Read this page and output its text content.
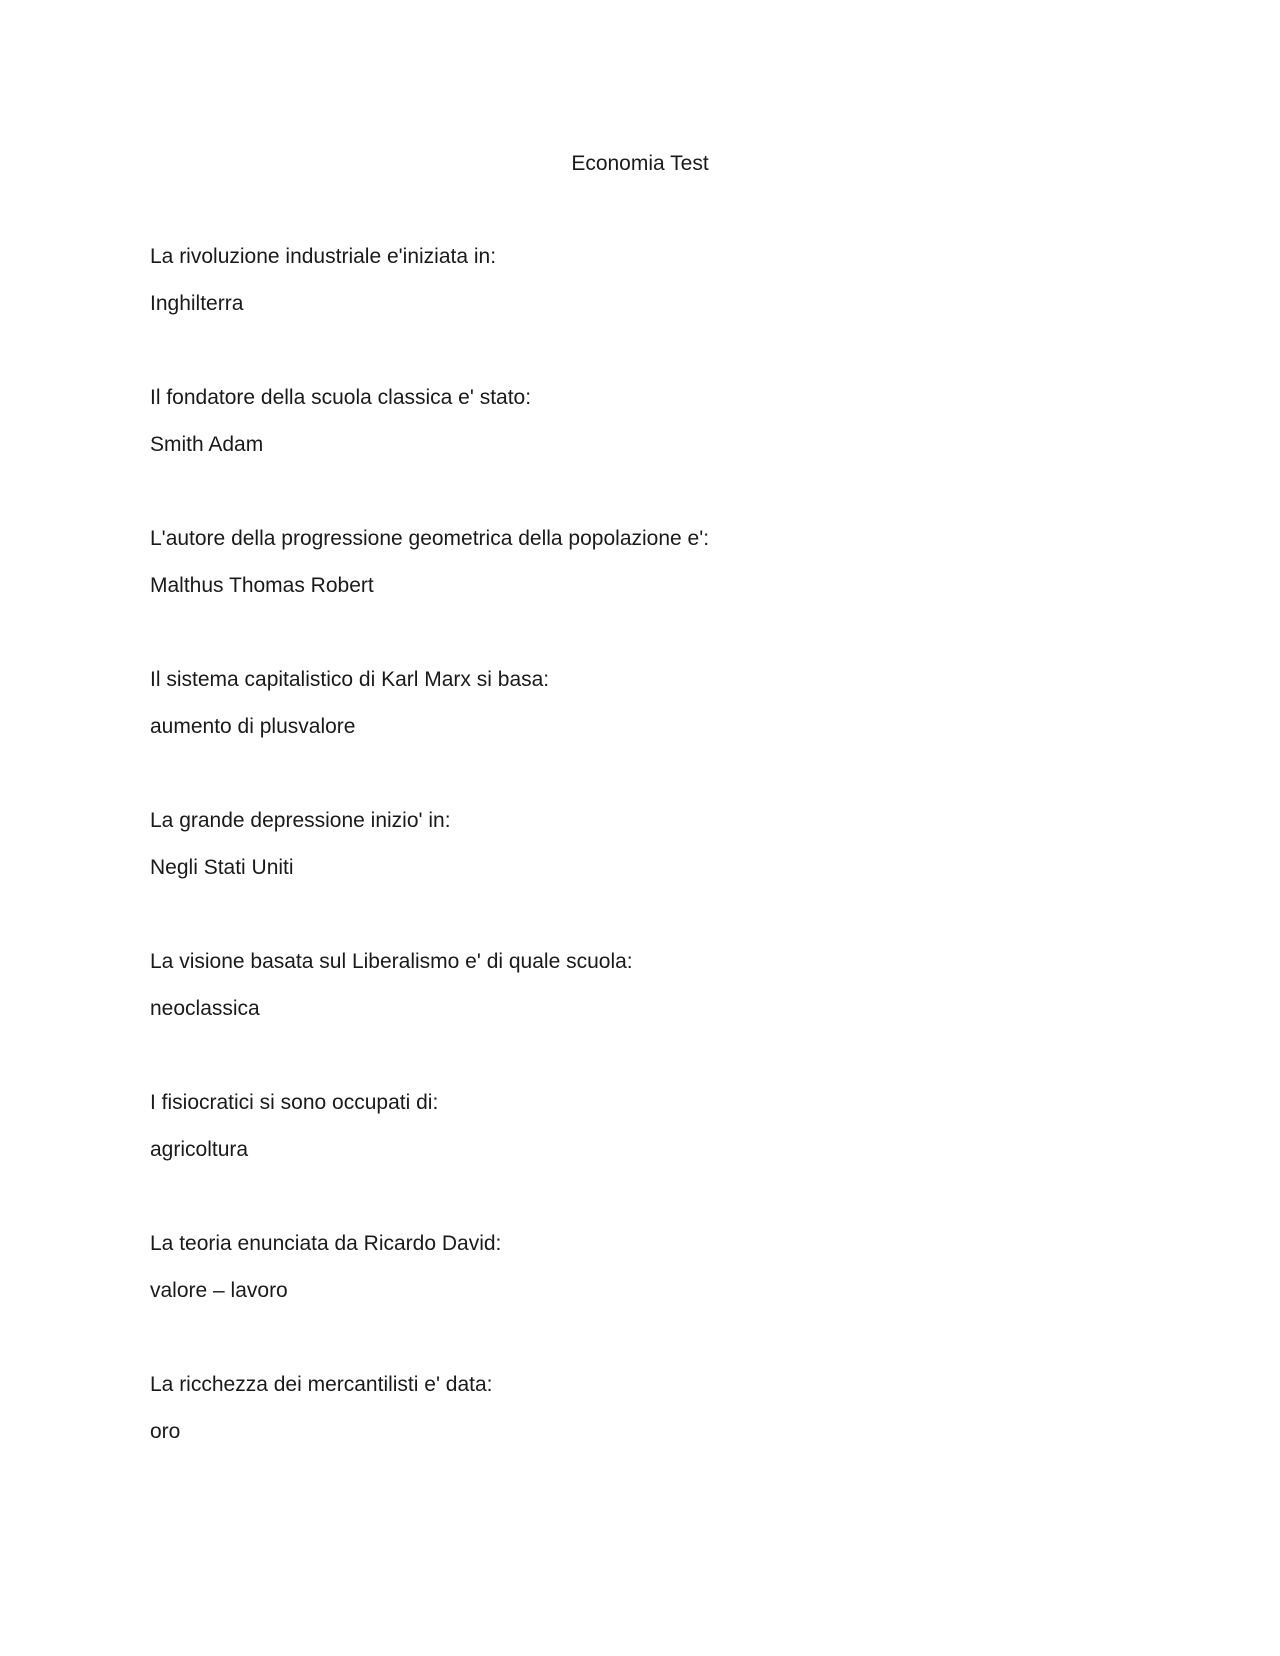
Economia Test
La rivoluzione industriale e'iniziata in:
Inghilterra
Il fondatore della scuola classica e' stato:
Smith Adam
L'autore della progressione geometrica della popolazione e':
Malthus Thomas Robert
Il sistema capitalistico di Karl Marx si basa:
aumento di plusvalore
La grande depressione inizio' in:
Negli Stati Uniti
La visione basata sul Liberalismo e' di quale scuola:
neoclassica
I fisiocratici si sono occupati di:
agricoltura
La teoria enunciata da Ricardo David:
valore – lavoro
La ricchezza dei mercantilisti e' data:
oro
